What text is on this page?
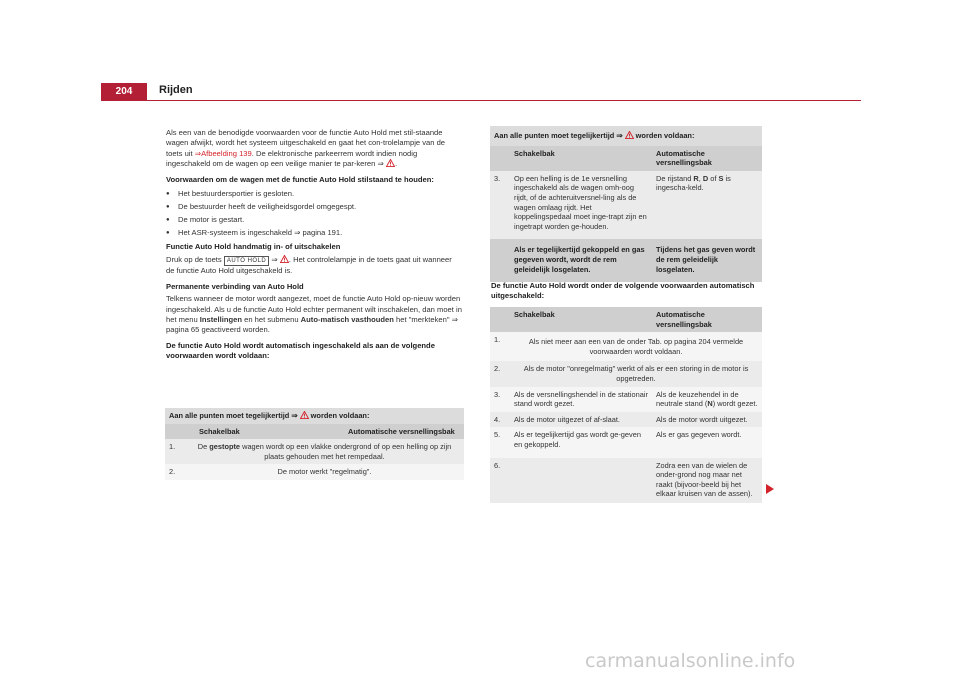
204	Rijden
Als een van de benodigde voorwaarden voor de functie Auto Hold met stil-staande wagen afwijkt, wordt het systeem uitgeschakeld en gaat het con-trolelampje van de toets uit ⇒Afbeelding 139. De elektronische parkeerrem wordt indien nodig ingeschakeld om de wagen op een veilige manier te par-keren ⇒ .
Voorwaarden om de wagen met de functie Auto Hold stilstaand te houden:
● Het bestuurdersportier is gesloten.
● De bestuurder heeft de veiligheidsgordel omgegespt.
● De motor is gestart.
● Het ASR-systeem is ingeschakeld ⇒ pagina 191.
Functie Auto Hold handmatig in- of uitschakelen
Druk op de toets AUTO HOLD ⇒ . Het controlelampje in de toets gaat uit wanneer de functie Auto Hold uitgeschakeld is.
Permanente verbinding van Auto Hold
Telkens wanneer de motor wordt aangezet, moet de functie Auto Hold op-nieuw worden ingeschakeld. Als u de functie Auto Hold echter permanent wilt inschakelen, dan moet in het menu Instellingen en het submenu Auto-matisch vasthouden het "merkteken" ⇒ pagina 65 geactiveerd worden.
De functie Auto Hold wordt automatisch ingeschakeld als aan de volgende voorwaarden wordt voldaan:
Aan alle punten moet tegelijkertijd ⇒  worden voldaan:		
	Schakelbak	Automatische versnellingsbak
1.	De gestopte wagen wordt op een vlakke ondergrond of op een helling op zijn plaats gehouden met het rempedaal.	
2.	De motor werkt "regelmatig".	
Aan alle punten moet tegelijkertijd ⇒  worden voldaan:		
	Schakelbak	Automatische versnellingsbak
3.	Op een helling is de 1e versnelling ingeschakeld als de wagen omh-oog rijdt, of de achteruitversnel-ling als de wagen omlaag rijdt. Het koppelingspedaal moet inge-trapt zijn en ingetrapt worden ge-houden.	De rijstand R, D of S is ingescha-keld.
	Als er tegelijkertijd gekoppeld en gas gegeven wordt, wordt de rem geleidelijk losgelaten.	Tijdens het gas geven wordt de rem geleidelijk losgelaten.
De functie Auto Hold wordt onder de volgende voorwaarden automatisch uitgeschakeld:
	Schakelbak	Automatische versnellingsbak
1.	Als niet meer aan een van de onder Tab. op pagina 204 vermelde voorwaarden wordt voldaan.	
2.	Als de motor "onregelmatig" werkt of als er een storing in de motor is opgetreden.	
3.	Als de versnellingshendel in de stationair stand wordt gezet.	Als de keuzehendel in de neutrale stand (N) wordt gezet.
4.	Als de motor uitgezet of af-slaat.	Als de motor wordt uitgezet.
5.	Als er tegelijkertijd gas wordt ge-geven en gekoppeld.	Als er gas gegeven wordt.
6.		Zodra een van de wielen de onder-grond nog maar net raakt (bijvoor-beeld bij het elkaar kruisen van de assen).
carmanualsonline.info
